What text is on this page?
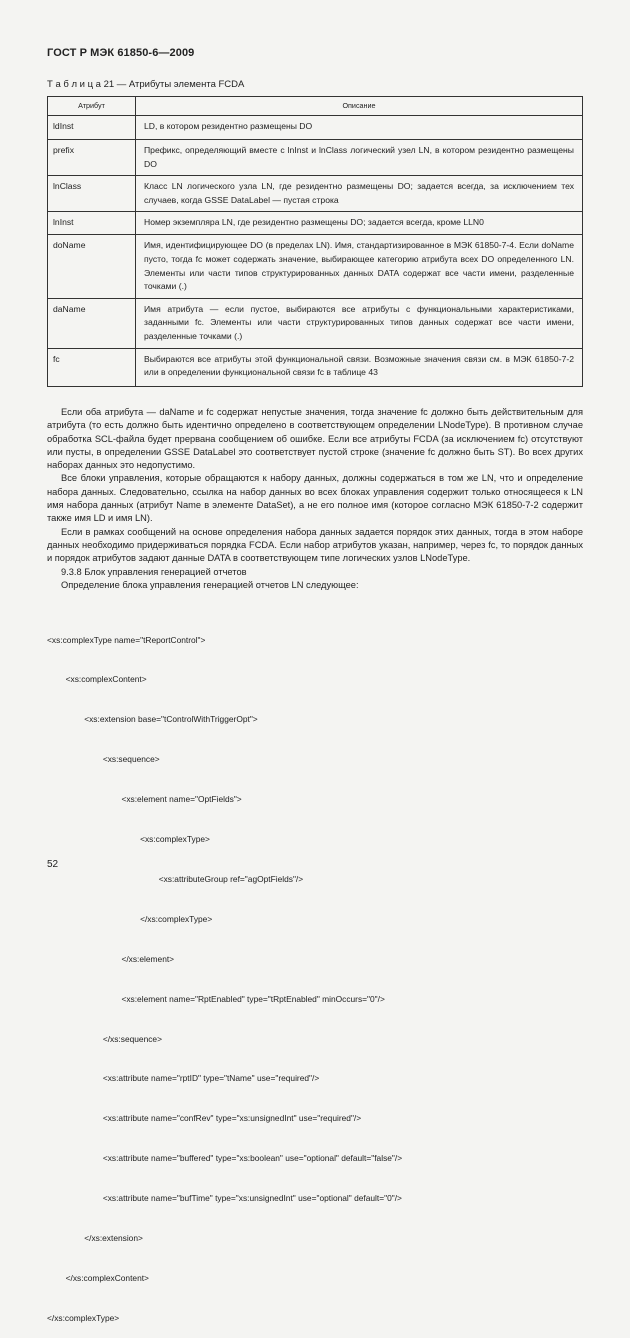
ГОСТ Р МЭК 61850-6—2009
Т а б л и ц а 21 — Атрибуты элемента FCDA
Атрибут	Описание
ldInst	LD, в котором резидентно размещены DO
prefix	Префикс, определяющий вместе с lnInst и lnClass логический узел LN, в котором резидентно размещены DO
lnClass	Класс LN логического узла LN, где резидентно размещены DO; задается всегда, за исключением тех случаев, когда GSSE DataLabel — пустая строка
lnInst	Номер экземпляра LN, где резидентно размещены DO; задается всегда, кроме LLN0
doName	Имя, идентифицирующее DO (в пределах LN). Имя, стандартизированное в МЭК 61850-7-4. Если doName пусто, тогда fc может содержать значение, выбирающее категорию атрибута всех DO определенного LN. Элементы или части типов структурированных данных DATA содержат все части имени, разделенные точками (.)
daName	Имя атрибута — если пустое, выбираются все атрибуты с функциональными характеристиками, заданными fc. Элементы или части структурированных типов данных содержат все части имени, разделенные точками (.)
fc	Выбираются все атрибуты этой функциональной связи. Возможные значения связи см. в МЭК 61850-7-2 или в определении функциональной связи fc в таблице 43

Если оба атрибута — daName и fc содержат непустые значения, тогда значение fc должно быть действительным для атрибута (то есть должно быть идентично определено в соответствующем определении LNodeType). В противном случае обработка SCL-файла будет прервана сообщением об ошибке. Если все атрибуты FCDA (за исключением fc) отсутствуют или пусты, в определении GSSE DataLabel это соответствует пустой строке (значение fc должно быть ST). Во всех других наборах данных это недопустимо.

Все блоки управления, которые обращаются к набору данных, должны содержаться в том же LN, что и определение набора данных. Следовательно, ссылка на набор данных во всех блоках управления содержит только относящееся к LN имя набора данных (атрибут Name в элементе DataSet), а не его полное имя (которое согласно МЭК 61850-7-2 содержит также имя LD и имя LN).

Если в рамках сообщений на основе определения набора данных задается порядок этих данных, тогда в этом наборе данных необходимо придерживаться порядка FCDA. Если набор атрибутов указан, например, через fc, то порядок данных и порядок атрибутов задают данные DATA в соответствующем типе логических узлов LNodeType.

9.3.8 Блок управления генерацией отчетов

Определение блока управления генерацией отчетов LN следующее:

<xs:complexType name="tReportControl">

<xs:complexContent>

<xs:extension base="tControlWithTriggerOpt">

<xs:sequence>

<xs:element name="OptFields">

<xs:complexType>

<xs:attributeGroup ref="agOptFields"/>

</xs:complexType>

</xs:element>

<xs:element name="RptEnabled" type="tRptEnabled" minOccurs="0"/>

</xs:sequence>

<xs:attribute name="rptID" type="tName" use="required"/>

<xs:attribute name="confRev" type="xs:unsignedInt" use="required"/>

<xs:attribute name="buffered" type="xs:boolean" use="optional" default="false"/>

<xs:attribute name="bufTime" type="xs:unsignedInt" use="optional" default="0"/>

</xs:extension>

</xs:complexContent>

</xs:complexType>

52
